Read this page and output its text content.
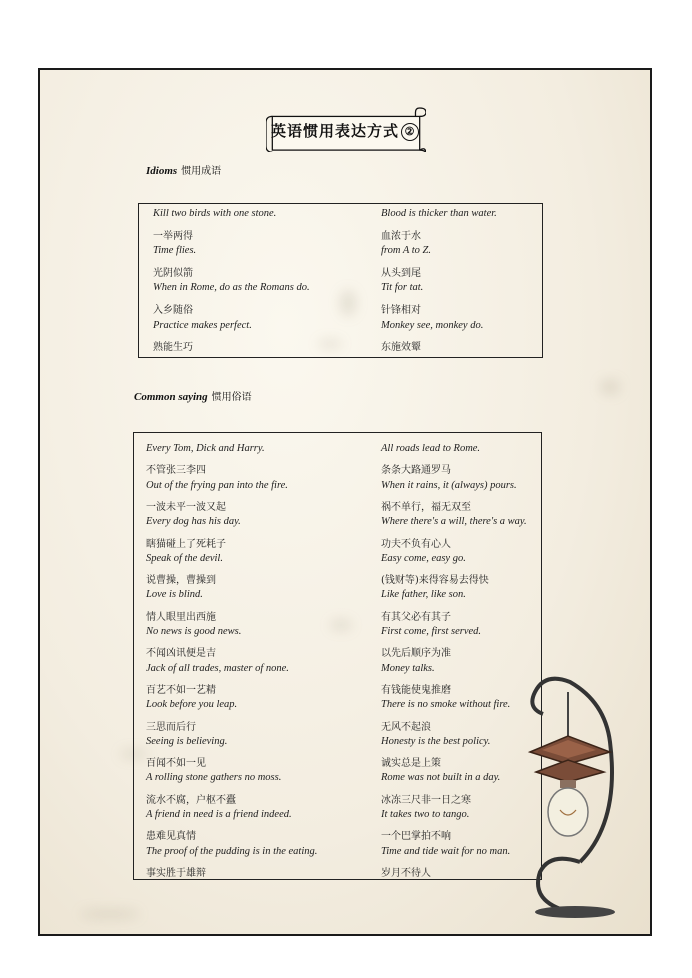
英语惯用表达方式 ②
Idioms 惯用成语
Kill two birds with one stone.
一举两得
Time flies.
光阴似箭
When in Rome, do as the Romans do.
入乡随俗
Practice makes perfect.
熟能生巧
Blood is thicker than water.
血浓于水
from A to Z.
从头到尾
Tit for tat.
针锋相对
Monkey see, monkey do.
东施效颦
Common saying 惯用俗语
Every Tom, Dick and Harry.
不管张三李四
Out of the frying pan into the fire.
一波未平一波又起
Every dog has his day.
瞎猫碰上了死耗子
Speak of the devil.
说曹操，曹操到
Love is blind.
情人眼里出西施
No news is good news.
不闻凶讯便是吉
Jack of all trades, master of none.
百艺不如一艺精
Look before you leap.
三思而后行
Seeing is believing.
百闻不如一见
A rolling stone gathers no moss.
流水不腐，户枢不蠹
A friend in need is a friend indeed.
患难见真情
The proof of the pudding is in the eating.
事实胜于雄辩
All roads lead to Rome.
条条大路通罗马
When it rains, it (always) pours.
祸不单行，福无双至
Where there's a will, there's a way.
功夫不负有心人
Easy come, easy go.
(钱财等)来得容易去得快
Like father, like son.
有其父必有其子
First come, first served.
以先后顺序为准
Money talks.
有钱能使鬼推磨
There is no smoke without fire.
无风不起浪
Honesty is the best policy.
诚实总是上策
Rome was not built in a day.
冰冻三尺非一日之寒
It takes two to tango.
一个巴掌拍不响
Time and tide wait for no man.
岁月不待人
